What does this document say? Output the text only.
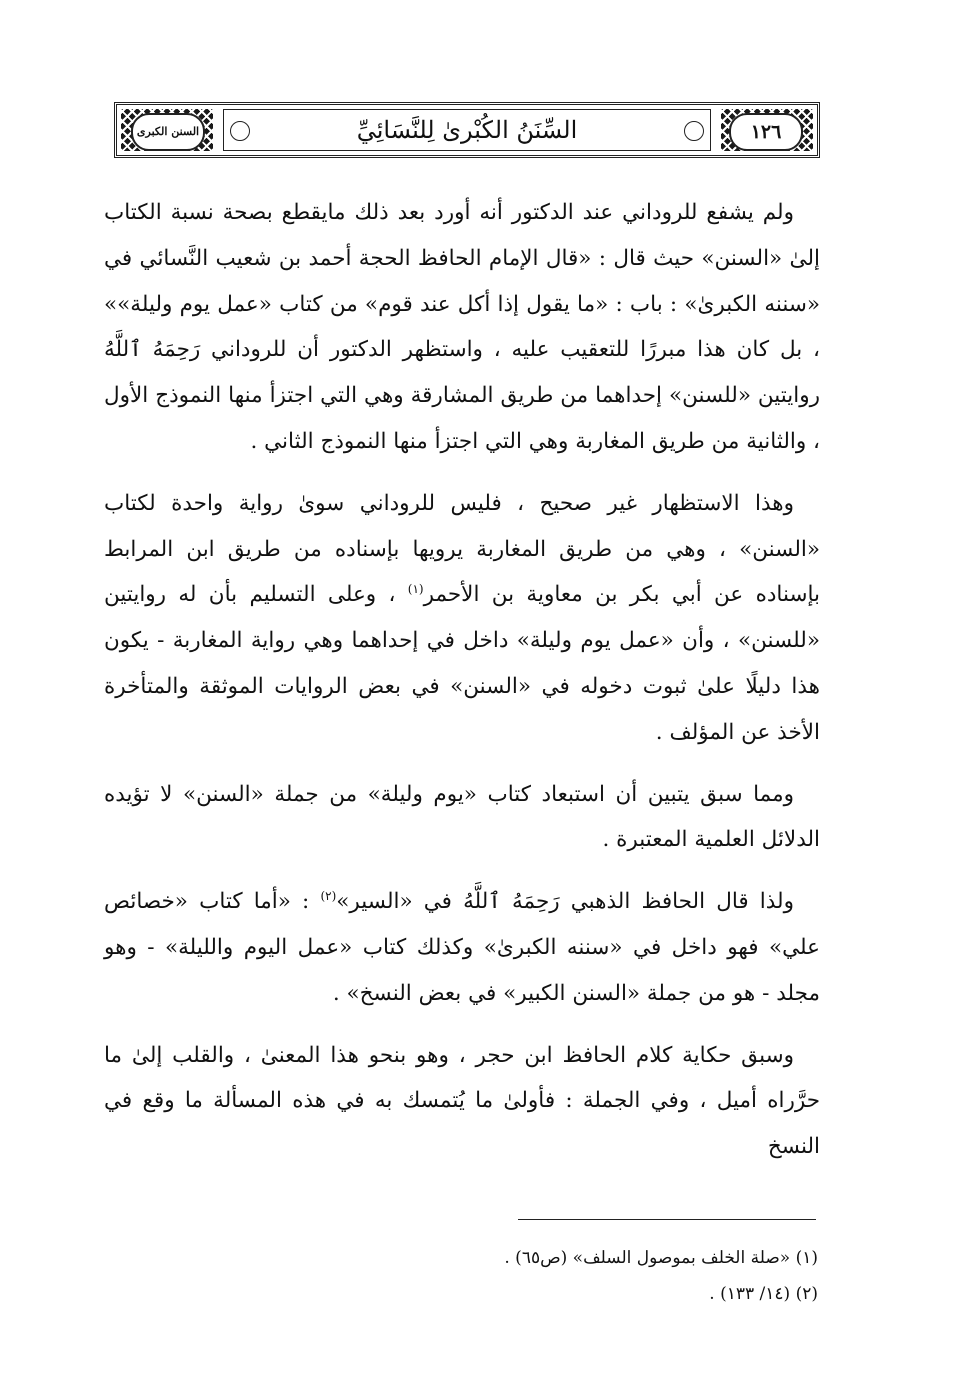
السنن الكبرى	١٢٦
السِّنَنُ الكُبْرىٰ لِلنَّسَائِيِّ

ولم يشفع للروداني عند الدكتور أنه أورد بعد ذلك مايقطع بصحة نسبة الكتاب إلىٰ «السنن» حيث قال : «قال الإمام الحافظ الحجة أحمد بن شعيب النَّسائي في «سننه الكبرىٰ» : باب : «ما يقول إذا أكل عند قوم» من كتاب «عمل يوم وليلة»» ، بل كان هذا مبررًا للتعقيب عليه ، واستظهر الدكتور أن للروداني رَحِمَهُ ٱللَّهُ روايتين «للسنن» إحداهما من طريق المشارقة وهي التي اجتزأ منها النموذج الأول ، والثانية من طريق المغاربة وهي التي اجتزأ منها النموذج الثاني .

وهذا الاستظهار غير صحيح ، فليس للروداني سوىٰ رواية واحدة لكتاب «السنن» ، وهي من طريق المغاربة يرويها بإسناده من طريق ابن المرابط بإسناده عن أبي بكر بن معاوية بن الأحمر$^{(١)}$ ، وعلى التسليم بأن له روايتين «للسنن» ، وأن «عمل يوم وليلة» داخل في إحداهما وهي رواية المغاربة - يكون هذا دليلًا علىٰ ثبوت دخوله في «السنن» في بعض الروايات الموثقة والمتأخرة الأخذ عن المؤلف .

ومما سبق يتبين أن استبعاد كتاب «يوم وليلة» من جملة «السنن» لا تؤيده الدلائل العلمية المعتبرة .

ولذا قال الحافظ الذهبي رَحِمَهُ ٱللَّهُ في «السير»$^{(٢)}$ : «أما كتاب «خصائص علي» فهو داخل في «سننه الكبرىٰ» وكذلك كتاب «عمل اليوم والليلة» - وهو مجلد - هو من جملة «السنن الكبير» في بعض النسخ» .

وسبق حكاية كلام الحافظ ابن حجر ، وهو بنحو هذا المعنىٰ ، والقلب إلىٰ ما حرَّراه أميل ، وفي الجملة : فأولىٰ ما يُتمسك به في هذه المسألة ما وقع في النسخ

(١) «صلة الخلف بموصول السلف» (ص٦٥) .

(٢) (١٤/ ١٣٣) .
